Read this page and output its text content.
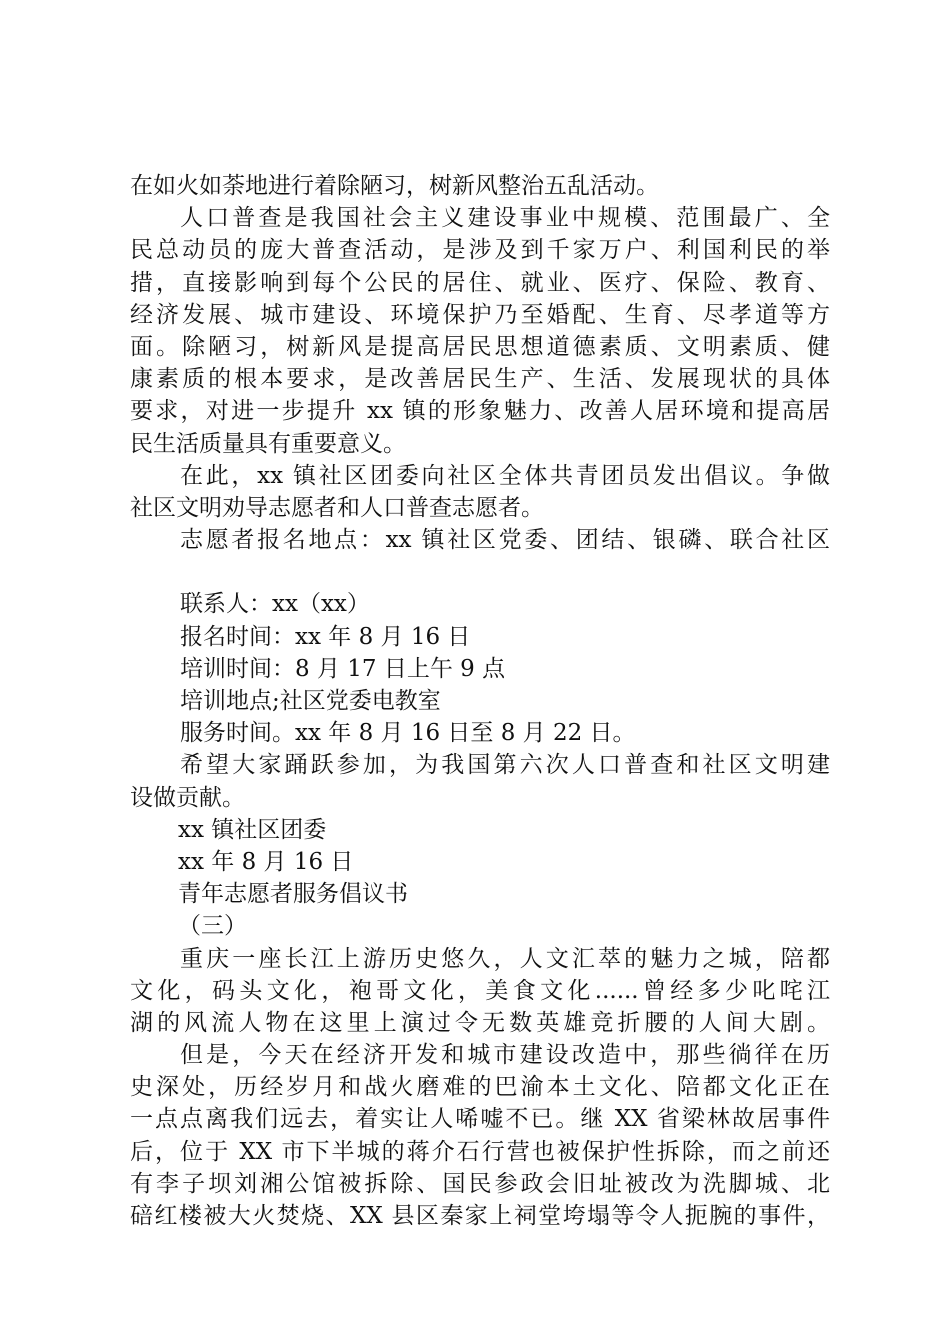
在如火如荼地进行着除陋习，树新风整治五乱活动。
人口普查是我国社会主义建设事业中规模、范围最广、全
民总动员的庞大普查活动，是涉及到千家万户、利国利民的举
措，直接影响到每个公民的居住、就业、医疗、保险、教育、
经济发展、城市建设、环境保护乃至婚配、生育、尽孝道等方
面。除陋习，树新风是提高居民思想道德素质、文明素质、健
康素质的根本要求，是改善居民生产、生活、发展现状的具体
要求，对进一步提升 xx 镇的形象魅力、改善人居环境和提高居
民生活质量具有重要意义。
在此，xx 镇社区团委向社区全体共青团员发出倡议。争做
社区文明劝导志愿者和人口普查志愿者。
志愿者报名地点：xx 镇社区党委、团结、银磷、联合社区
联系人：xx（xx）
报名时间：xx 年 8 月 16 日
培训时间：8 月 17 日上午 9 点
培训地点;社区党委电教室
服务时间。xx 年 8 月 16 日至 8 月 22 日。
希望大家踊跃参加，为我国第六次人口普查和社区文明建
设做贡献。
xx 镇社区团委
xx 年 8 月 16 日
青年志愿者服务倡议书
（三）
重庆一座长江上游历史悠久，人文汇萃的魅力之城，陪都
文化，码头文化，袍哥文化，美食文化......曾经多少叱咤江
湖的风流人物在这里上演过令无数英雄竞折腰的人间大剧。
但是，今天在经济开发和城市建设改造中，那些徜徉在历
史深处，历经岁月和战火磨难的巴渝本土文化、陪都文化正在
一点点离我们远去，着实让人唏嘘不已。继 XX 省梁林故居事件
后，位于 XX 市下半城的蒋介石行营也被保护性拆除，而之前还
有李子坝刘湘公馆被拆除、国民参政会旧址被改为洗脚城、北
碚红楼被大火焚烧、XX 县区秦家上祠堂垮塌等令人扼腕的事件，
